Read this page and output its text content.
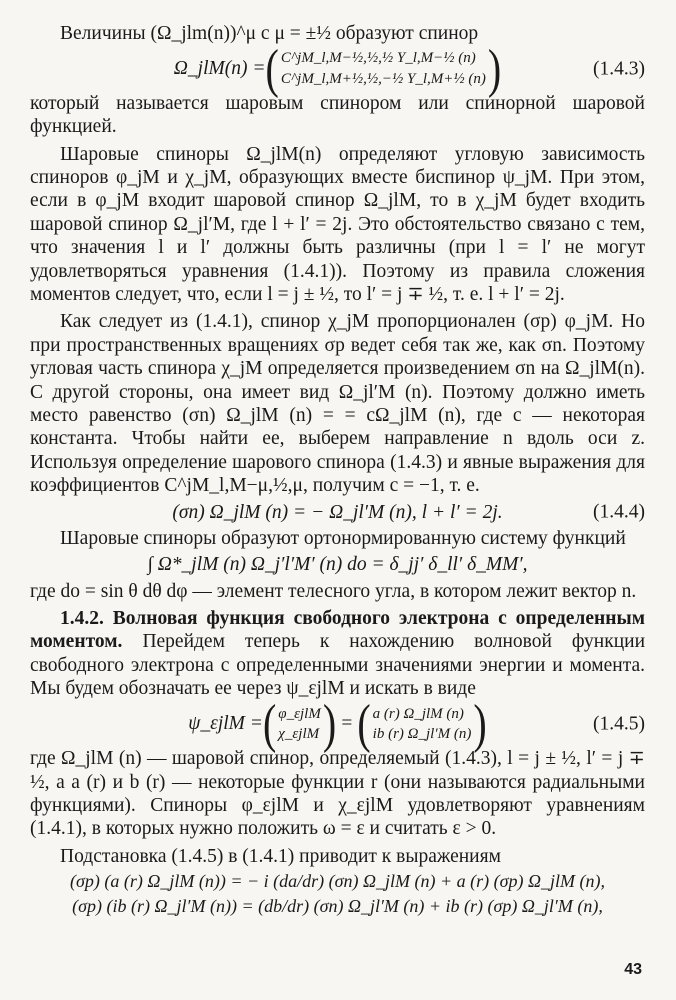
Величины (Ω_jlm(n))^μ с μ = ±½ образуют спинор

Ω_jlM(n) = ( C^jM_l,M−½,½,½ Y_l,M−½ (n)
C^jM_l,M+½,½,−½ Y_l,M+½ (n) )	(1.4.3)

который называется шаровым спинором или спинорной шаровой функцией.

Шаровые спиноры Ω_jlM(n) определяют угловую зависимость спиноров φ_jM и χ_jM, образующих вместе биспинор ψ_jM. При этом, если в φ_jM входит шаровой спинор Ω_jlM, то в χ_jM будет входить шаровой спинор Ω_jl′M, где l + l′ = 2j. Это обстоятельство связано с тем, что значения l и l′ должны быть различны (при l = l′ не могут удовлетворяться уравнения (1.4.1)). Поэтому из правила сложения моментов следует, что, если l = j ± ½, то l′ = j ∓ ½, т. е. l + l′ = 2j.

Как следует из (1.4.1), спинор χ_jM пропорционален (σp) φ_jM. Но при пространственных вращениях σp ведет себя так же, как σn. Поэтому угловая часть спинора χ_jM определяется произведением σn на Ω_jlM(n). С другой стороны, она имеет вид Ω_jl′M (n). Поэтому должно иметь место равенство (σn) Ω_jlM (n) = = cΩ_jlM (n), где c — некоторая константа. Чтобы найти ее, выберем направление n вдоль оси z. Используя определение шарового спинора (1.4.3) и явные выражения для коэффициентов C^jM_l,M−μ,½,μ, получим c = −1, т. е.

(σn) Ω_jlM (n) = − Ω_jl′M (n), l + l′ = 2j.	(1.4.4)

Шаровые спиноры образуют ортонормированную систему функций

∫ Ω*_jlM (n) Ω_j′l′M′ (n) do = δ_jj′ δ_ll′ δ_MM′,

где do = sin θ dθ dφ — элемент телесного угла, в котором лежит вектор n.

1.4.2. Волновая функция свободного электрона с определенным моментом. Перейдем теперь к нахождению волновой функции свободного электрона с определенными значениями энергии и момента. Мы будем обозначать ее через ψ_εjlM и искать в виде

ψ_εjlM = ( φ_εjlM
χ_εjlM ) = ( a (r) Ω_jlM (n)
ib (r) Ω_jl′M (n) )	(1.4.5)

где Ω_jlM (n) — шаровой спинор, определяемый (1.4.3), l = j ± ½, l′ = j ∓ ½, а a (r) и b (r) — некоторые функции r (они называются радиальными функциями). Спиноры φ_εjlM и χ_εjlM удовлетворяют уравнениям (1.4.1), в которых нужно положить ω = ε и считать ε > 0.

Подстановка (1.4.5) в (1.4.1) приводит к выражениям

(σp) (a (r) Ω_jlM (n)) = − i (da/dr) (σn) Ω_jlM (n) + a (r) (σp) Ω_jlM (n),
(σp) (ib (r) Ω_jl′M (n)) = (db/dr) (σn) Ω_jl′M (n) + ib (r) (σp) Ω_jl′M (n),
43
